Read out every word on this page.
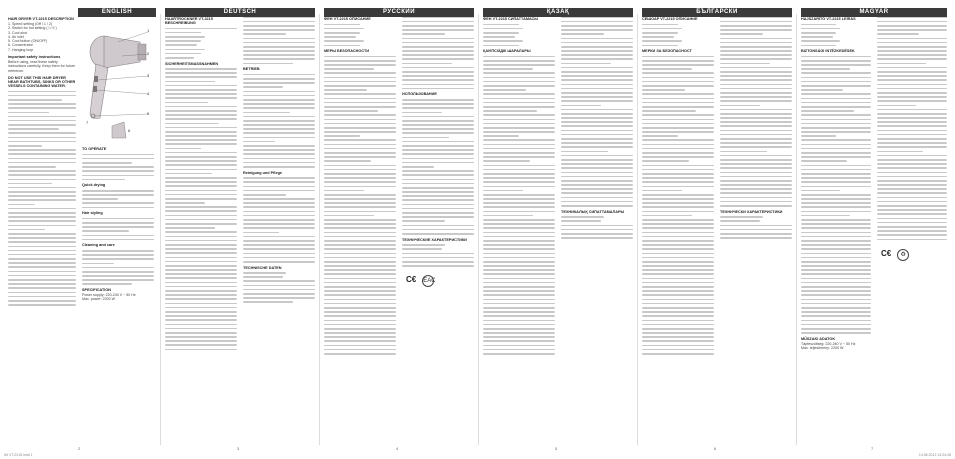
ENGLISH

HAIR DRYER VT-2215 DESCRIPTION

1. Speed setting (Off / 1 / 2)

2. Switch for hot setting ( I / II )

3. Cool shot

4. Air inlet

5. Cool button (ON/OFF)

6. Concentrator

7. Hanging loop

Important safety instructions

Before using, read these safety instructions carefully. Keep them for future reference.

DO NOT USE THIS HAIR DRYER NEAR BATHTUBS, SINKS OR OTHER VESSELS CONTAINING WATER.

1
2
3
4
5
6
7

TO OPERATE

Quick drying

Hair styling

Cleaning and care

SPECIFICATION

Power supply: 220-240 V ~ 50 Hz

Max. power: 2200 W

2
IM VT-2215.indd 1
DEUTSCH

HAARTROCKNER VT-2215 BESCHREIBUNG

SICHERHEITSMASSNAHMEN

BETRIEB

Reinigung und Pflege

TECHNISCHE DATEN

3
РУССКИЙ

ФЕН VT-2215 ОПИСАНИЕ

МЕРЫ БЕЗОПАСНОСТИ

ИСПОЛЬЗОВАНИЕ

ТЕХНИЧЕСКИЕ ХАРАКТЕРИСТИКИ

C€ EAC
4
ҚАЗАҚ

ФЕН VT-2215 СИПАТТАМАСЫ

ҚАУІПСІЗДІК ШАРАЛАРЫ

ТЕХНИКАЛЫҚ СИПАТТАМАЛАРЫ

5
БЪЛГАРСКИ

СЕШОАР VT-2215 ОПИСАНИЕ

МЕРКИ ЗА БЕЗОПАСНОСТ

ТЕХНИЧЕСКИ ХАРАКТЕРИСТИКИ

6
MAGYAR

HAJSZÁRÍTÓ VT-2215 LEÍRÁS

BIZTONSÁGI INTÉZKEDÉSEK

MŰSZAKI ADATOK

Tápfeszültség: 220-240 V ~ 50 Hz

Max. teljesítmény: 2200 W

C€ ♻
7
14.06.2012 13:24:28
